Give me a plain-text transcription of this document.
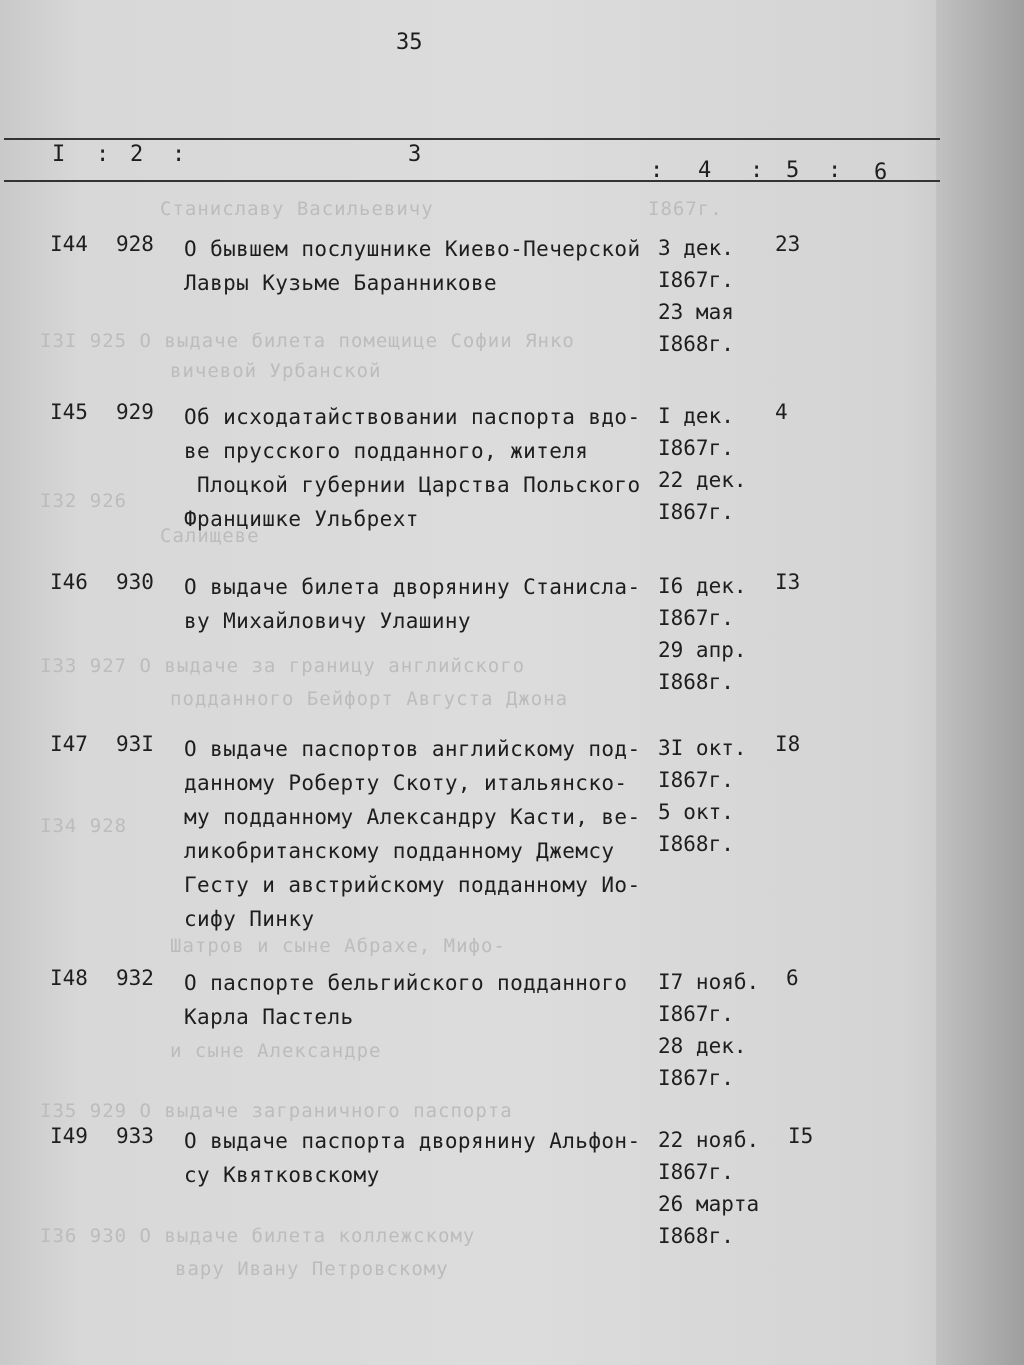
Станиславу Васильевичу	I867г.
I3I 925 О выдаче билета помещице Софии Янко
вичевой Урбанской
I32 926
Салищеве
I33 927 О выдаче за границу английского
подданного Бейфорт Августа Джона
I34 928
Шатров и сыне Абрахе, Мифо-
и сыне Александре
I35 929 О выдаче заграничного паспорта
I36 930 О выдаче билета коллежскому
вару Ивану Петровскому
35
I : 2 :	3
: 4 : 5 : 6
I44 928 О бывшем послушнике Киево-Печерской
Лавры Кузьме Баранникове
3 дек.
I867г.
23 мая
I868г.
23
I45 929 Об исходатайствовании паспорта вдо-
ве прусского подданного, жителя
Плоцкой губернии Царства Польского
Францишке Ульбрехт
I дек.
I867г.
22 дек.
I867г.
4
I46 930 О выдаче билета дворянину Станисла-
ву Михайловичу Улашину
I6 дек.
I867г.
29 апр.
I868г.
I3
I47 93I О выдаче паспортов английскому под-
данному Роберту Скоту, итальянско-
му подданному Александру Касти, ве-
ликобританскому подданному Джемсу
Гесту и австрийскому подданному Ио-
сифу Пинку
3I окт.
I867г.
5 окт.
I868г.
I8
I48 932 О паспорте бельгийского подданного
Карла Пастель
I7 нояб.
I867г.
28 дек.
I867г.
6
I49 933 О выдаче паспорта дворянину Альфон-
су Квятковскому
22 нояб.
I867г.
26 марта
I868г.
I5
